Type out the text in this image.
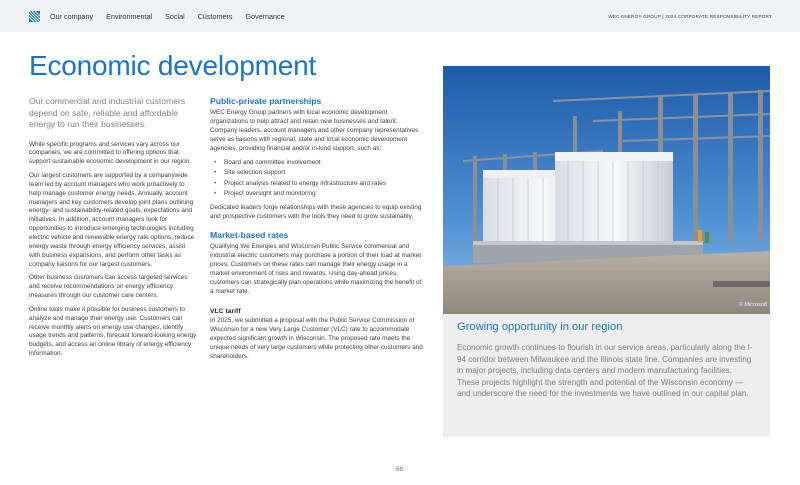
Our company Environmental Social Customers Governance	WEC ENERGY GROUP | 2024 CORPORATE RESPONSIBILITY REPORT
Economic development

Our commercial and industrial customers depend on safe, reliable and affordable energy to run their businesses.

While specific programs and services vary across our companies, we are committed to offering options that support sustainable economic development in our region.

Our largest customers are supported by a companywide team led by account managers who work proactively to help manage customer energy needs. Annually, account managers and key customers develop joint plans outlining energy- and sustainability-related goals, expectations and initiatives. In addition, account managers look for opportunities to introduce emerging technologies including electric vehicle and renewable energy rate options, reduce energy waste through energy efficiency services, assist with business expansions, and perform other tasks as company liaisons for our largest customers.

Other business customers can access targeted services and receive recommendations on energy efficiency measures through our customer care centers.

Online tools make it possible for business customers to analyze and manage their energy use. Customers can receive monthly alerts on energy use changes, identify usage trends and patterns, forecast forward-looking energy budgets, and access an online library of energy efficiency information.

Public-private partnerships

WEC Energy Group partners with local economic development organizations to help attract and retain new businesses and talent. Company leaders, account managers and other company representatives serve as liaisons with regional, state and local economic development agencies, providing financial and/or in-kind support, such as:

• Board and committee involvement
• Site selection support
• Project analysis related to energy infrastructure and rates
• Project oversight and monitoring

Dedicated leaders forge relationships with these agencies to equip existing and prospective customers with the tools they need to grow sustainably.

Market-based rates

Qualifying We Energies and Wisconsin Public Service commercial and industrial electric customers may purchase a portion of their load at market prices. Customers on these rates can manage their energy usage in a market environment of risks and rewards. Using day-ahead prices, customers can strategically plan operations while maximizing the benefit of a market rate.

VLC tariff

In 2025, we submitted a proposal with the Public Service Commission of Wisconsin for a new Very Large Customer (VLC) rate to accommodate expected significant growth in Wisconsin. The proposed rate meets the unique needs of very large customers while protecting other customers and shareholders.

© Microsoft
Growing opportunity in our region

Economic growth continues to flourish in our service areas, particularly along the I-94 corridor between Milwaukee and the Illinois state line. Companies are investing in major projects, including data centers and modern manufacturing facilities. These projects highlight the strength and potential of the Wisconsin economy — and underscore the need for the investments we have outlined in our capital plan.

68
